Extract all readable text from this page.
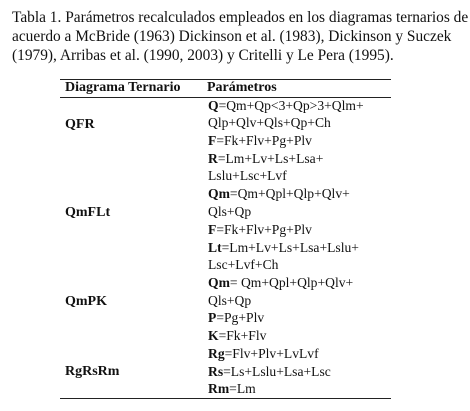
Tabla 1. Parámetros recalculados empleados en los diagramas ternarios de
acuerdo a McBride (1963) Dickinson et al. (1983), Dickinson y Suczek
(1979), Arribas et al. (1990, 2003) y Critelli y Le Pera (1995).
Diagrama Ternario Parámetros
QFR
QmFLt
QmPK
RgRsRm
Q=Qm+Qp<3+Qp>3+Qlm+
Qlp+Qlv+Qls+Qp+Ch
F=Fk+Flv+Pg+Plv
R=Lm+Lv+Ls+Lsa+
Lslu+Lsc+Lvf
Qm=Qm+Qpl+Qlp+Qlv+
Qls+Qp
F=Fk+Flv+Pg+Plv
Lt=Lm+Lv+Ls+Lsa+Lslu+
Lsc+Lvf+Ch
Qm= Qm+Qpl+Qlp+Qlv+
Qls+Qp
P=Pg+Plv
K=Fk+Flv
Rg=Flv+Plv+LvLvf
Rs=Ls+Lslu+Lsa+Lsc
Rm=Lm
